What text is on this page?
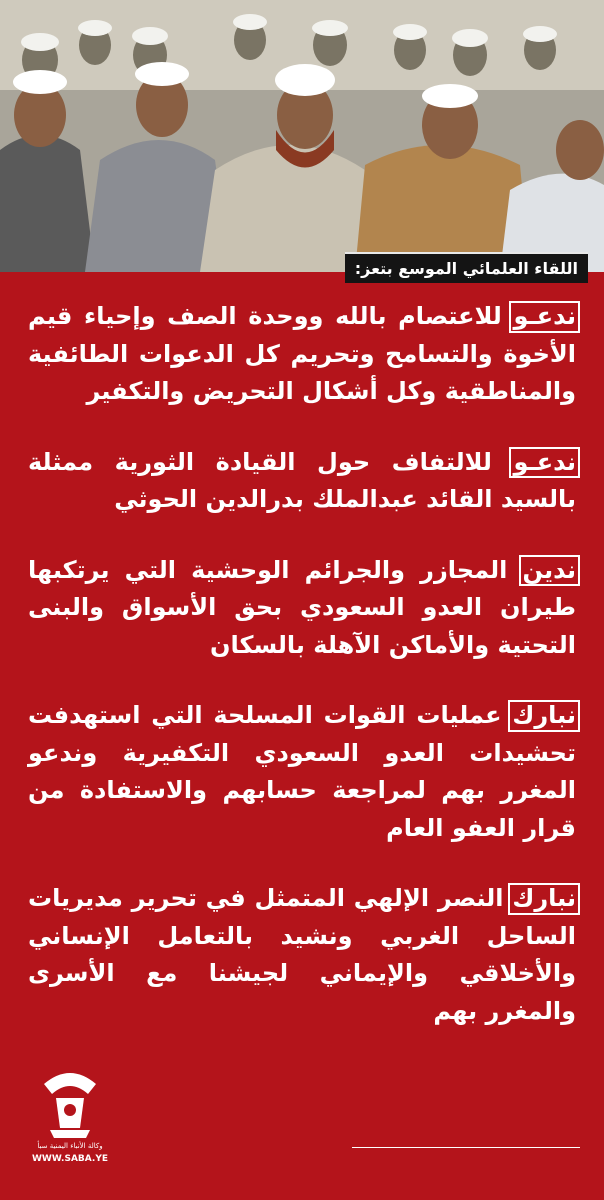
اللقاء العلمائي الموسع بتعز:

ندعـو للاعتصام بالله ووحدة الصف وإحياء قيم الأخوة والتسامح وتحريم كل الدعوات الطائفية والمناطقية وكل أشكال التحريض والتكفير

ندعـو للالتفاف حول القيادة الثورية ممثلة بالسيد القائد عبدالملك بدرالدين الحوثي

ندين المجازر والجرائم الوحشية التي يرتكبها طيران العدو السعودي بحق الأسواق والبنى التحتية والأماكن الآهلة بالسكان

نبارك عمليات القوات المسلحة التي استهدفت تحشيدات العدو السعودي التكفيرية وندعو المغرر بهم لمراجعة حسابهم والاستفادة من قرار العفو العام

نبارك النصر الإلهي المتمثل في تحرير مديريات الساحل الغربي ونشيد بالتعامل الإنساني والأخلاقي والإيماني لجيشنا مع الأسرى والمغرر بهم

وكالة الأنباء اليمنية سبأ
WWW.SABA.YE
